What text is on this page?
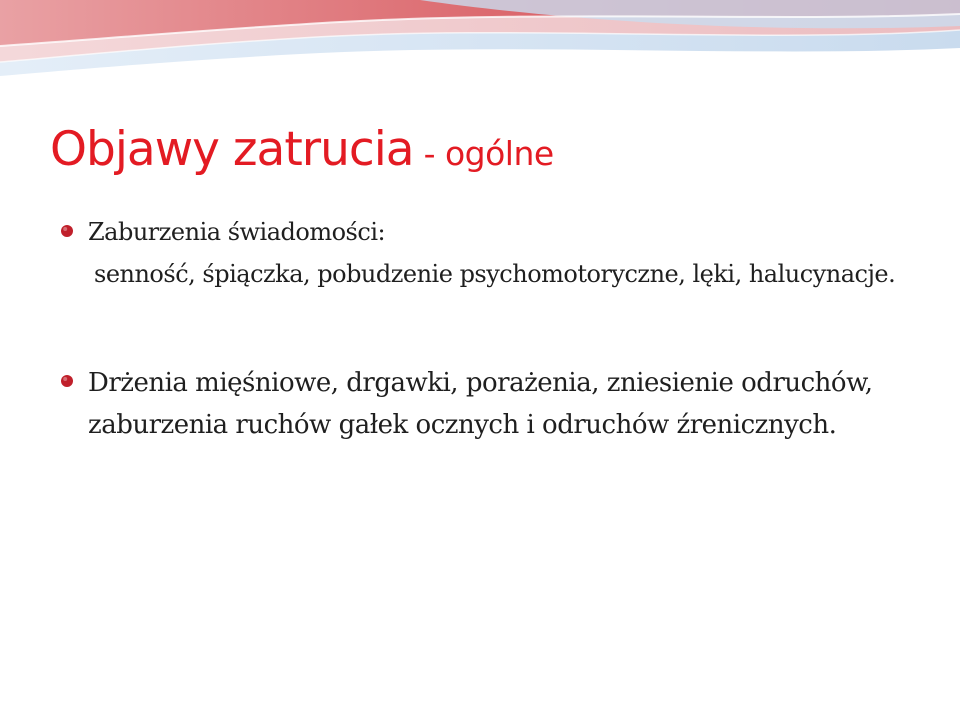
Objawy zatrucia - ogólne
Zaburzenia świadomości:
senność, śpiączka, pobudzenie psychomotoryczne, lęki, halucynacje.
Drżenia mięśniowe, drgawki, porażenia, zniesienie odruchów, zaburzenia ruchów gałek ocznych i odruchów źrenicznych.
